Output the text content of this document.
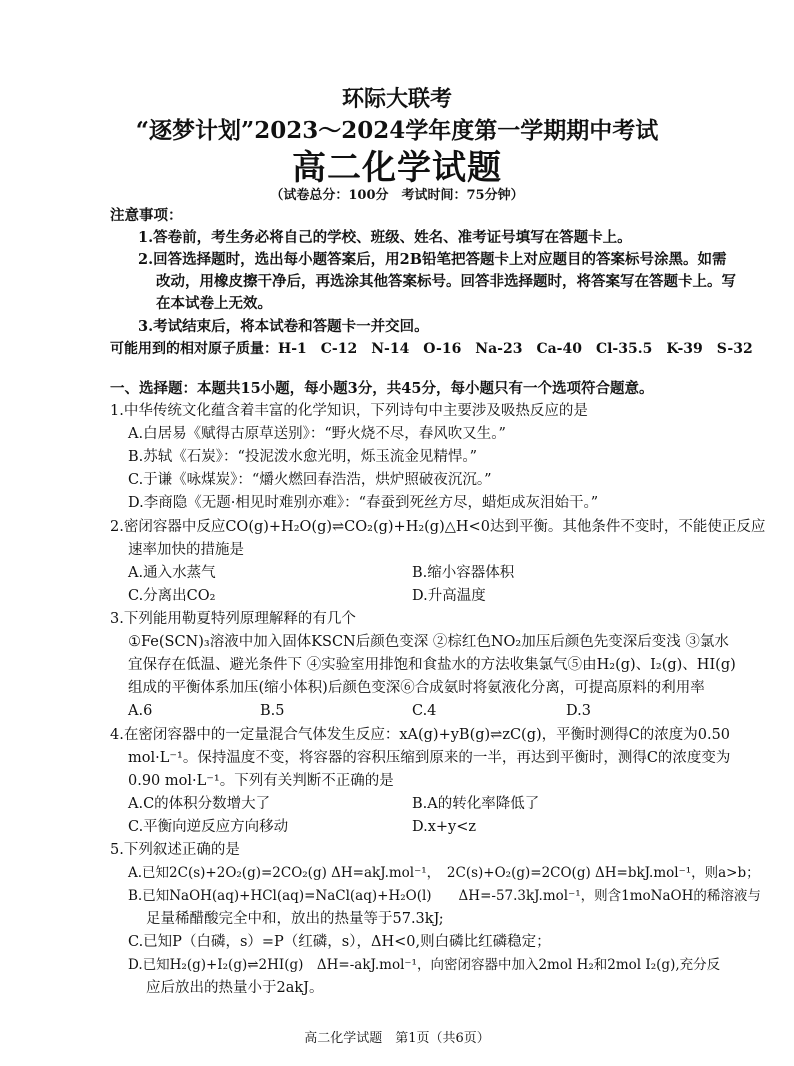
环际大联考
“逐梦计划”2023～2024学年度第一学期期中考试
高二化学试题
（试卷总分：100分　考试时间：75分钟）
注意事项：
1.答卷前，考生务必将自己的学校、班级、姓名、准考证号填写在答题卡上。
2.回答选择题时，选出每小题答案后，用2B铅笔把答题卡上对应题目的答案标号涂黑。如需
改动，用橡皮擦干净后，再选涂其他答案标号。回答非选择题时，将答案写在答题卡上。写
在本试卷上无效。
3.考试结束后，将本试卷和答题卡一并交回。
可能用到的相对原子质量：H-1　C-12　N-14　O-16　Na-23　Ca-40　Cl-35.5　K-39　S-32
一、选择题：本题共15小题，每小题3分，共45分，每小题只有一个选项符合题意。
1.中华传统文化蕴含着丰富的化学知识，下列诗句中主要涉及吸热反应的是
A.白居易《赋得古原草送别》：“野火烧不尽，春风吹又生。”
B.苏轼《石炭》：“投泥泼水愈光明，烁玉流金见精悍。”
C.于谦《咏煤炭》：“爝火燃回春浩浩，烘炉照破夜沉沉。”
D.李商隐《无题·相见时难别亦难》：“春蚕到死丝方尽，蜡炬成灰泪始干。”
2.密闭容器中反应CO(g)+H₂O(g)⇌CO₂(g)+H₂(g)△H<0达到平衡。其他条件不变时，不能使正反应
速率加快的措施是
A.通入水蒸气	B.缩小容器体积
C.分离出CO₂	D.升高温度
3.下列能用勒夏特列原理解释的有几个
①Fe(SCN)₃溶液中加入固体KSCN后颜色变深 ②棕红色NO₂加压后颜色先变深后变浅 ③氯水
宜保存在低温、避光条件下 ④实验室用排饱和食盐水的方法收集氯气⑤由H₂(g)、I₂(g)、HI(g)
组成的平衡体系加压(缩小体积)后颜色变深⑥合成氨时将氨液化分离，可提高原料的利用率
A.6	B.5	C.4	D.3
4.在密闭容器中的一定量混合气体发生反应：xA(g)+yB(g)⇌zC(g)，平衡时测得C的浓度为0.50
mol·L⁻¹。保持温度不变，将容器的容积压缩到原来的一半，再达到平衡时，测得C的浓度变为
0.90 mol·L⁻¹。下列有关判断不正确的是
A.C的体积分数增大了	B.A的转化率降低了
C.平衡向逆反应方向移动	D.x+y<z
5.下列叙述正确的是
A.已知2C(s)+2O₂(g)=2CO₂(g) ΔH=akJ.mol⁻¹，　2C(s)+O₂(g)=2CO(g) ΔH=bkJ.mol⁻¹，则a>b；
B.已知NaOH(aq)+HCl(aq)=NaCl(aq)+H₂O(l)　　ΔH=-57.3kJ.mol⁻¹，则含1moNaOH的稀溶液与
足量稀醋酸完全中和，放出的热量等于57.3kJ;
C.已知P（白磷，s）=P（红磷，s），ΔH<0,则白磷比红磷稳定；
D.已知H₂(g)+I₂(g)⇌2HI(g)　ΔH=-akJ.mol⁻¹，向密闭容器中加入2mol H₂和2mol I₂(g),充分反
应后放出的热量小于2akJ。
高二化学试题　第1页（共6页）
